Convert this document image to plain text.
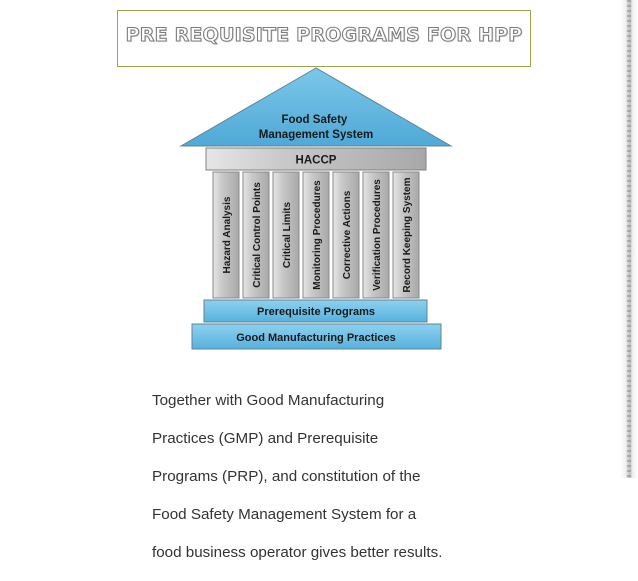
PRE REQUISITE PROGRAMS FOR HPP
Food Safety Management System
HACCP
Hazard Analysis Critical Control Points Critical Limits Monitoring Procedures Corrective Actions Verification Procedures Record Keeping System
Prerequisite Programs
Good Manufacturing Practices

Together with Good Manufacturing

Practices (GMP) and Prerequisite

Programs (PRP), and constitution of the

Food Safety Management System for a

food business operator gives better results.
